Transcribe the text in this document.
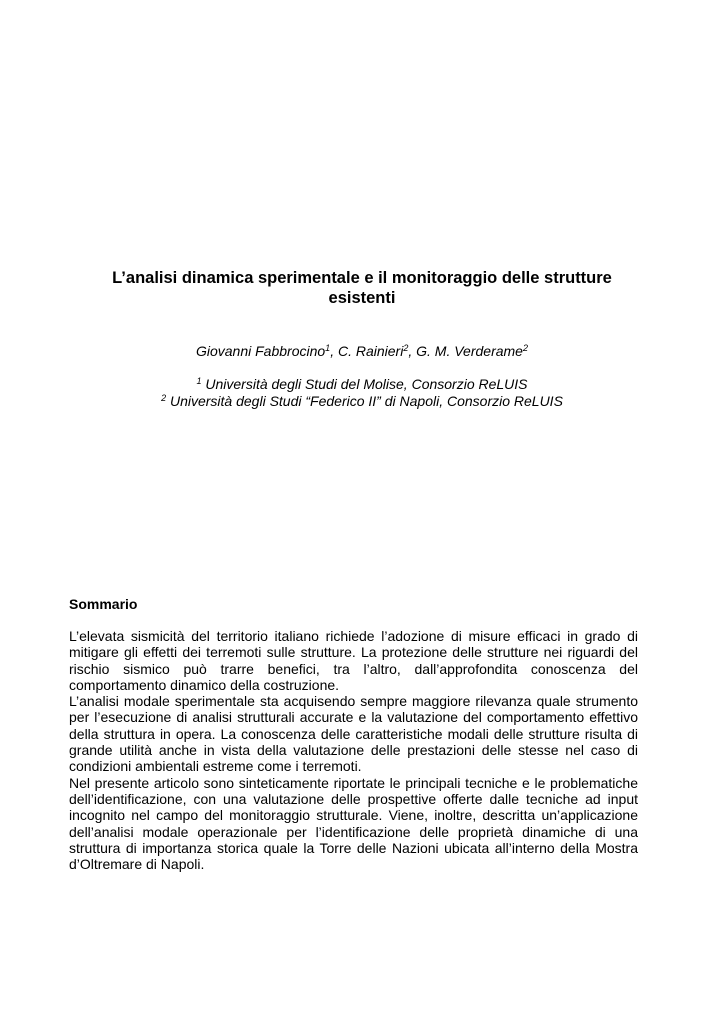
L’analisi dinamica sperimentale e il monitoraggio delle strutture esistenti
Giovanni Fabbrocino$^1$, C. Rainieri$^2$, G. M. Verderame$^2$
$^1$ Università degli Studi del Molise, Consorzio ReLUIS
$^2$ Università degli Studi “Federico II” di Napoli, Consorzio ReLUIS
Sommario

L’elevata sismicità del territorio italiano richiede l’adozione di misure efficaci in grado di mitigare gli effetti dei terremoti sulle strutture. La protezione delle strutture nei riguardi del rischio sismico può trarre benefici, tra l’altro, dall’approfondita conoscenza del comportamento dinamico della costruzione.

L’analisi modale sperimentale sta acquisendo sempre maggiore rilevanza quale strumento per l’esecuzione di analisi strutturali accurate e la valutazione del comportamento effettivo della struttura in opera. La conoscenza delle caratteristiche modali delle strutture risulta di grande utilità anche in vista della valutazione delle prestazioni delle stesse nel caso di condizioni ambientali estreme come i terremoti.

Nel presente articolo sono sinteticamente riportate le principali tecniche e le problematiche dell’identificazione, con una valutazione delle prospettive offerte dalle tecniche ad input incognito nel campo del monitoraggio strutturale. Viene, inoltre, descritta un’applicazione dell’analisi modale operazionale per l’identificazione delle proprietà dinamiche di una struttura di importanza storica quale la Torre delle Nazioni ubicata all’interno della Mostra d’Oltremare di Napoli.
